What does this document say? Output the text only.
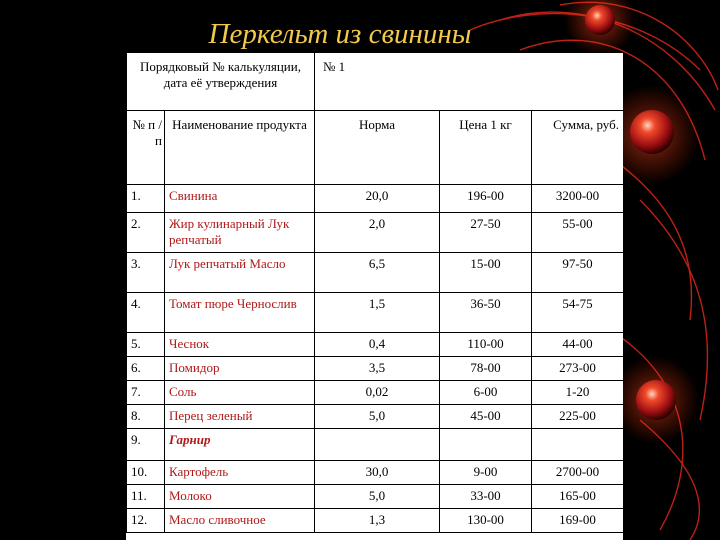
Перкельт из свинины
Порядковый № калькуляции, дата её утверждения		№ 1		
№ п / п	Наименование продукта	Норма	Цена 1 кг	Сумма, руб.
1.	Свинина	20,0	196-00	3200-00
2.	Жир кулинарный Лук репчатый	2,0	27-50	55-00
3.	Лук репчатый Масло	6,5	15-00	97-50
4.	Томат пюре Чернослив	1,5	36-50	54-75
5.	Чеснок	0,4	110-00	44-00
6.	Помидор	3,5	78-00	273-00
7.	Соль	0,02	6-00	1-20
8.	Перец зеленый	5,0	45-00	225-00
9.	Гарнир			
10.	Картофель	30,0	9-00	2700-00
11.	Молоко	5,0	33-00	165-00
12.	Масло сливочное	1,3	130-00	169-00
